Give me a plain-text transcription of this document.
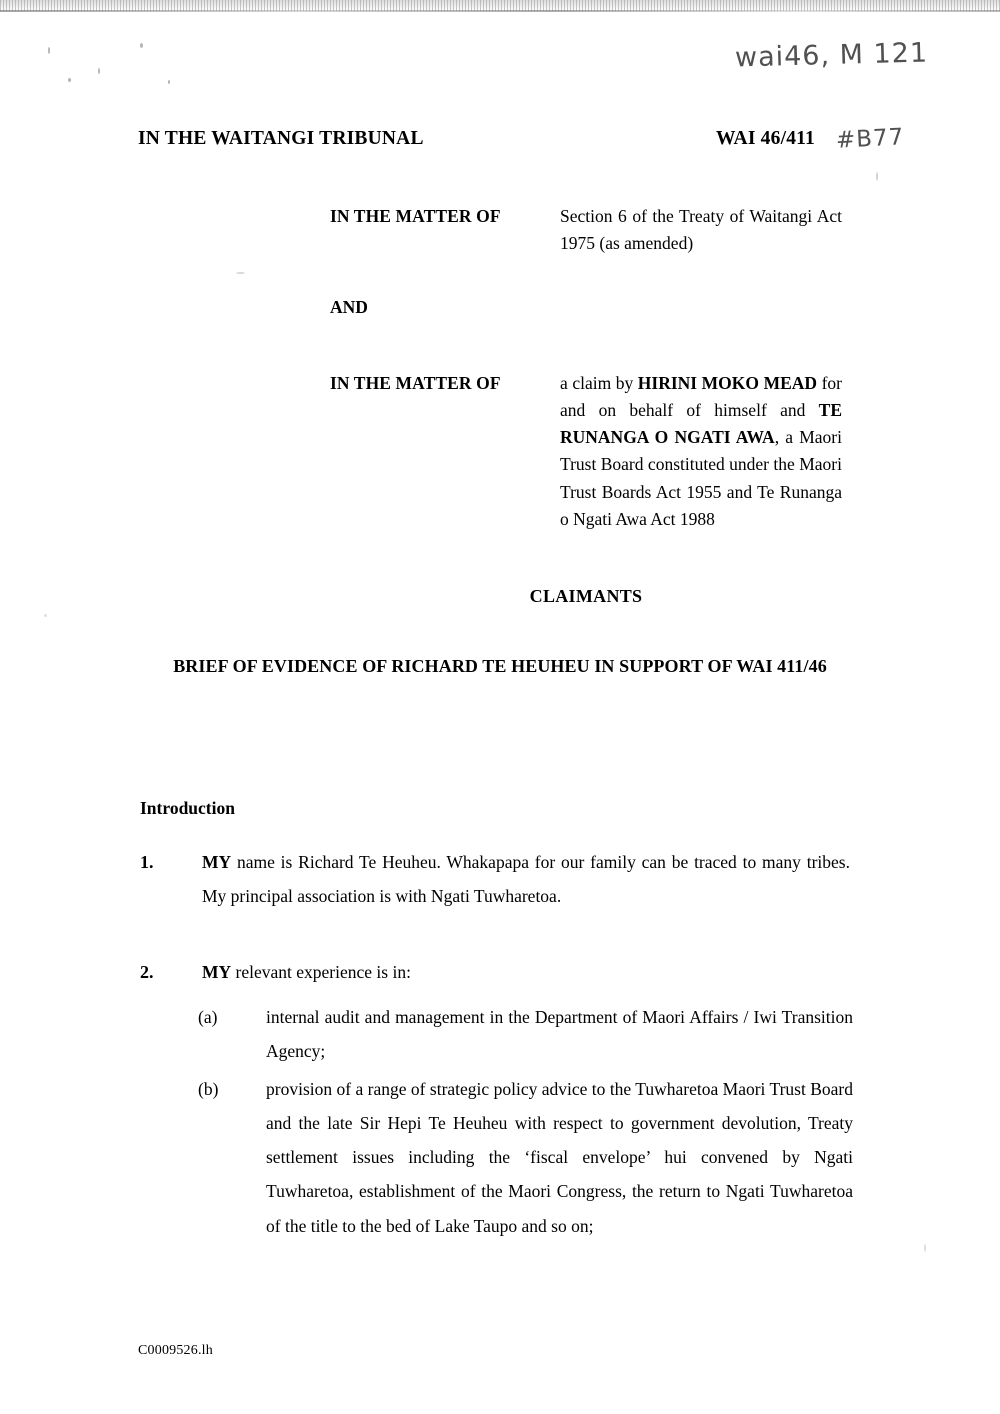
wai46, M 121
IN THE WAITANGI TRIBUNAL	WAI 46/411 #B77
IN THE MATTER OF	Section 6 of the Treaty of Waitangi Act 1975 (as amended)
AND
IN THE MATTER OF	a claim by HIRINI MOKO MEAD for and on behalf of himself and TE RUNANGA O NGATI AWA, a Maori Trust Board constituted under the Maori Trust Boards Act 1955 and Te Runanga o Ngati Awa Act 1988
CLAIMANTS
BRIEF OF EVIDENCE OF RICHARD TE HEUHEU IN SUPPORT OF WAI 411/46
Introduction
1.	MY name is Richard Te Heuheu. Whakapapa for our family can be traced to many tribes. My principal association is with Ngati Tuwharetoa.
2.	MY relevant experience is in:
(a)	internal audit and management in the Department of Maori Affairs / Iwi Transition Agency;
(b)	provision of a range of strategic policy advice to the Tuwharetoa Maori Trust Board and the late Sir Hepi Te Heuheu with respect to government devolution, Treaty settlement issues including the ‘fiscal envelope’ hui convened by Ngati Tuwharetoa, establishment of the Maori Congress, the return to Ngati Tuwharetoa of the title to the bed of Lake Taupo and so on;
C0009526.lh
